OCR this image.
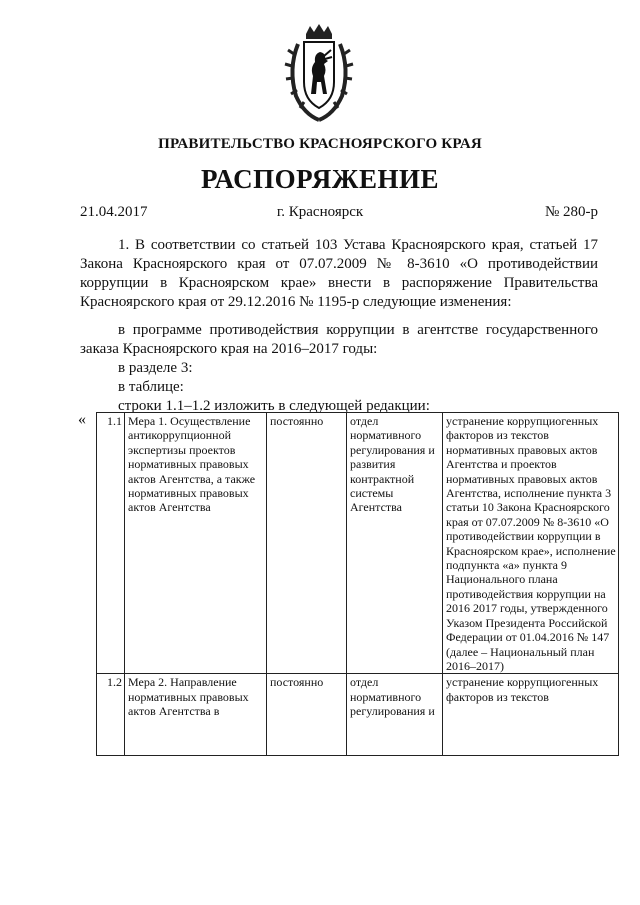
ПРАВИТЕЛЬСТВО КРАСНОЯРСКОГО КРАЯ
РАСПОРЯЖЕНИЕ
21.04.2017	г. Красноярск	№ 280-р
1. В соответствии со статьей 103 Устава Красноярского края, статьей 17 Закона Красноярского края от 07.07.2009 № 8-3610 «О противодействии коррупции в Красноярском крае» внести в распоряжение Правительства Красноярского края от 29.12.2016 № 1195-р следующие изменения:
в программе противодействия коррупции в агентстве государственного заказа Красноярского края на 2016–2017 годы:
в разделе 3:
в таблице:
строки 1.1–1.2 изложить в следующей редакции:
« 1.1	Мера 1. Осуществление антикоррупционной экспертизы проектов нормативных правовых актов Агентства, а также нормативных правовых актов Агентства	постоянно	отдел нормативного регулирования и развития контрактной системы Агентства	устранение коррупциогенных факторов из текстов нормативных правовых актов Агентства и проектов нормативных правовых актов Агентства, исполнение пункта 3 статьи 10 Закона Красноярского края от 07.07.2009 № 8-3610 «О противодействии коррупции в Красноярском крае», исполнение подпункта «а» пункта 9 Национального плана противодействия коррупции на 2016 2017 годы, утвержденного Указом Президента Российской Федерации от 01.04.2016 № 147 (далее – Национальный план 2016–2017)
1.2	Мера 2. Направление нормативных правовых актов Агентства в	постоянно	отдел нормативного регулирования и	устранение коррупциогенных факторов из текстов
